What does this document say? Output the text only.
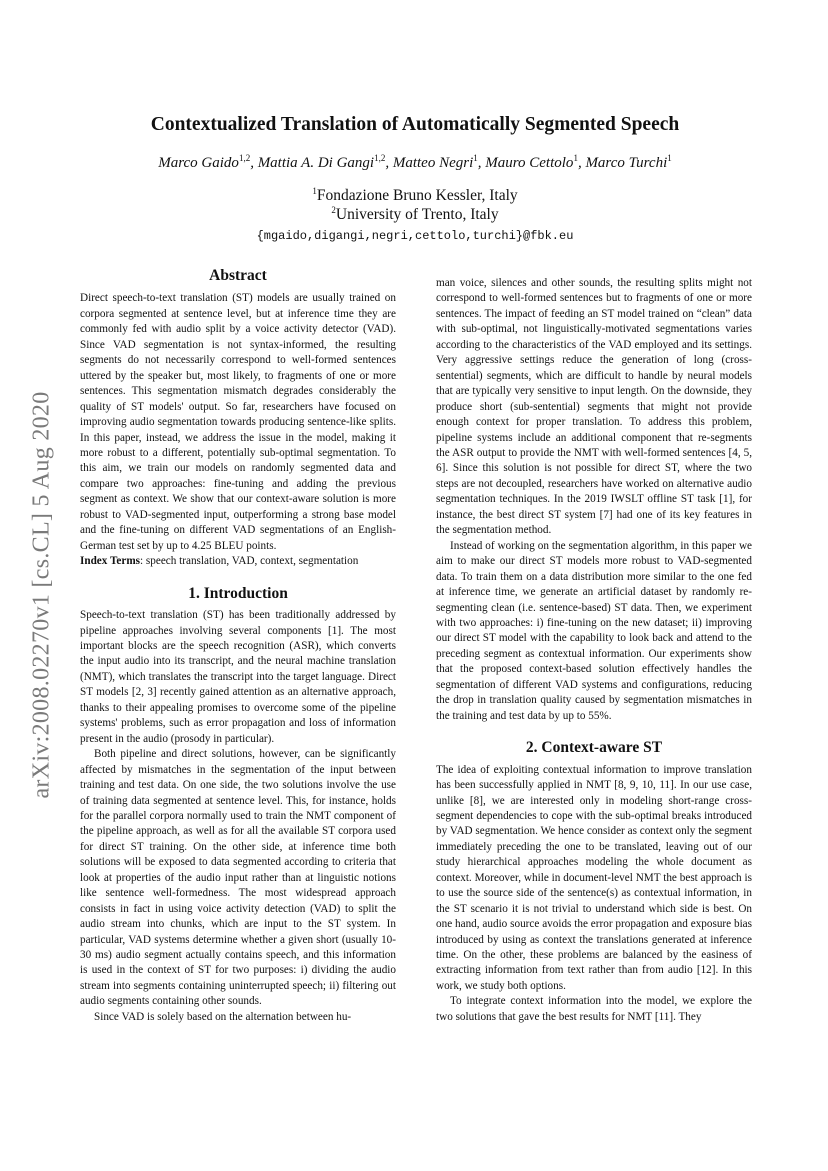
arXiv:2008.02270v1 [cs.CL] 5 Aug 2020
Contextualized Translation of Automatically Segmented Speech
Marco Gaido$^{1,2}$, Mattia A. Di Gangi$^{1,2}$, Matteo Negri$^1$, Mauro Cettolo$^1$, Marco Turchi$^1$
$^1$Fondazione Bruno Kessler, Italy
$^2$University of Trento, Italy
{mgaido,digangi,negri,cettolo,turchi}@fbk.eu
Abstract

Direct speech-to-text translation (ST) models are usually trained on corpora segmented at sentence level, but at inference time they are commonly fed with audio split by a voice activity detector (VAD). Since VAD segmentation is not syntax-informed, the resulting segments do not necessarily correspond to well-formed sentences uttered by the speaker but, most likely, to fragments of one or more sentences. This segmentation mismatch degrades considerably the quality of ST models' output. So far, researchers have focused on improving audio segmentation towards producing sentence-like splits. In this paper, instead, we address the issue in the model, making it more robust to a different, potentially sub-optimal segmentation. To this aim, we train our models on randomly segmented data and compare two approaches: fine-tuning and adding the previous segment as context. We show that our context-aware solution is more robust to VAD-segmented input, outperforming a strong base model and the fine-tuning on different VAD segmentations of an English-German test set by up to 4.25 BLEU points.

Index Terms: speech translation, VAD, context, segmentation

1. Introduction

Speech-to-text translation (ST) has been traditionally addressed by pipeline approaches involving several components [1]. The most important blocks are the speech recognition (ASR), which converts the input audio into its transcript, and the neural machine translation (NMT), which translates the transcript into the target language. Direct ST models [2, 3] recently gained attention as an alternative approach, thanks to their appealing promises to overcome some of the pipeline systems' problems, such as error propagation and loss of information present in the audio (prosody in particular).

Both pipeline and direct solutions, however, can be significantly affected by mismatches in the segmentation of the input between training and test data. On one side, the two solutions involve the use of training data segmented at sentence level. This, for instance, holds for the parallel corpora normally used to train the NMT component of the pipeline approach, as well as for all the available ST corpora used for direct ST training. On the other side, at inference time both solutions will be exposed to data segmented according to criteria that look at properties of the audio input rather than at linguistic notions like sentence well-formedness. The most widespread approach consists in fact in using voice activity detection (VAD) to split the audio stream into chunks, which are input to the ST system. In particular, VAD systems determine whether a given short (usually 10-30 ms) audio segment actually contains speech, and this information is used in the context of ST for two purposes: i) dividing the audio stream into segments containing uninterrupted speech; ii) filtering out audio segments containing other sounds.

Since VAD is solely based on the alternation between hu-

man voice, silences and other sounds, the resulting splits might not correspond to well-formed sentences but to fragments of one or more sentences. The impact of feeding an ST model trained on “clean” data with sub-optimal, not linguistically-motivated segmentations varies according to the characteristics of the VAD employed and its settings. Very aggressive settings reduce the generation of long (cross-sentential) segments, which are difficult to handle by neural models that are typically very sensitive to input length. On the downside, they produce short (sub-sentential) segments that might not provide enough context for proper translation. To address this problem, pipeline systems include an additional component that re-segments the ASR output to provide the NMT with well-formed sentences [4, 5, 6]. Since this solution is not possible for direct ST, where the two steps are not decoupled, researchers have worked on alternative audio segmentation techniques. In the 2019 IWSLT offline ST task [1], for instance, the best direct ST system [7] had one of its key features in the segmentation method.

Instead of working on the segmentation algorithm, in this paper we aim to make our direct ST models more robust to VAD-segmented data. To train them on a data distribution more similar to the one fed at inference time, we generate an artificial dataset by randomly re-segmenting clean (i.e. sentence-based) ST data. Then, we experiment with two approaches: i) fine-tuning on the new dataset; ii) improving our direct ST model with the capability to look back and attend to the preceding segment as contextual information. Our experiments show that the proposed context-based solution effectively handles the segmentation of different VAD systems and configurations, reducing the drop in translation quality caused by segmentation mismatches in the training and test data by up to 55%.

2. Context-aware ST

The idea of exploiting contextual information to improve translation has been successfully applied in NMT [8, 9, 10, 11]. In our use case, unlike [8], we are interested only in modeling short-range cross-segment dependencies to cope with the sub-optimal breaks introduced by VAD segmentation. We hence consider as context only the segment immediately preceding the one to be translated, leaving out of our study hierarchical approaches modeling the whole document as context. Moreover, while in document-level NMT the best approach is to use the source side of the sentence(s) as contextual information, in the ST scenario it is not trivial to understand which side is best. On one hand, audio source avoids the error propagation and exposure bias introduced by using as context the translations generated at inference time. On the other, these problems are balanced by the easiness of extracting information from text rather than from audio [12]. In this work, we study both options.

To integrate context information into the model, we explore the two solutions that gave the best results for NMT [11]. They
